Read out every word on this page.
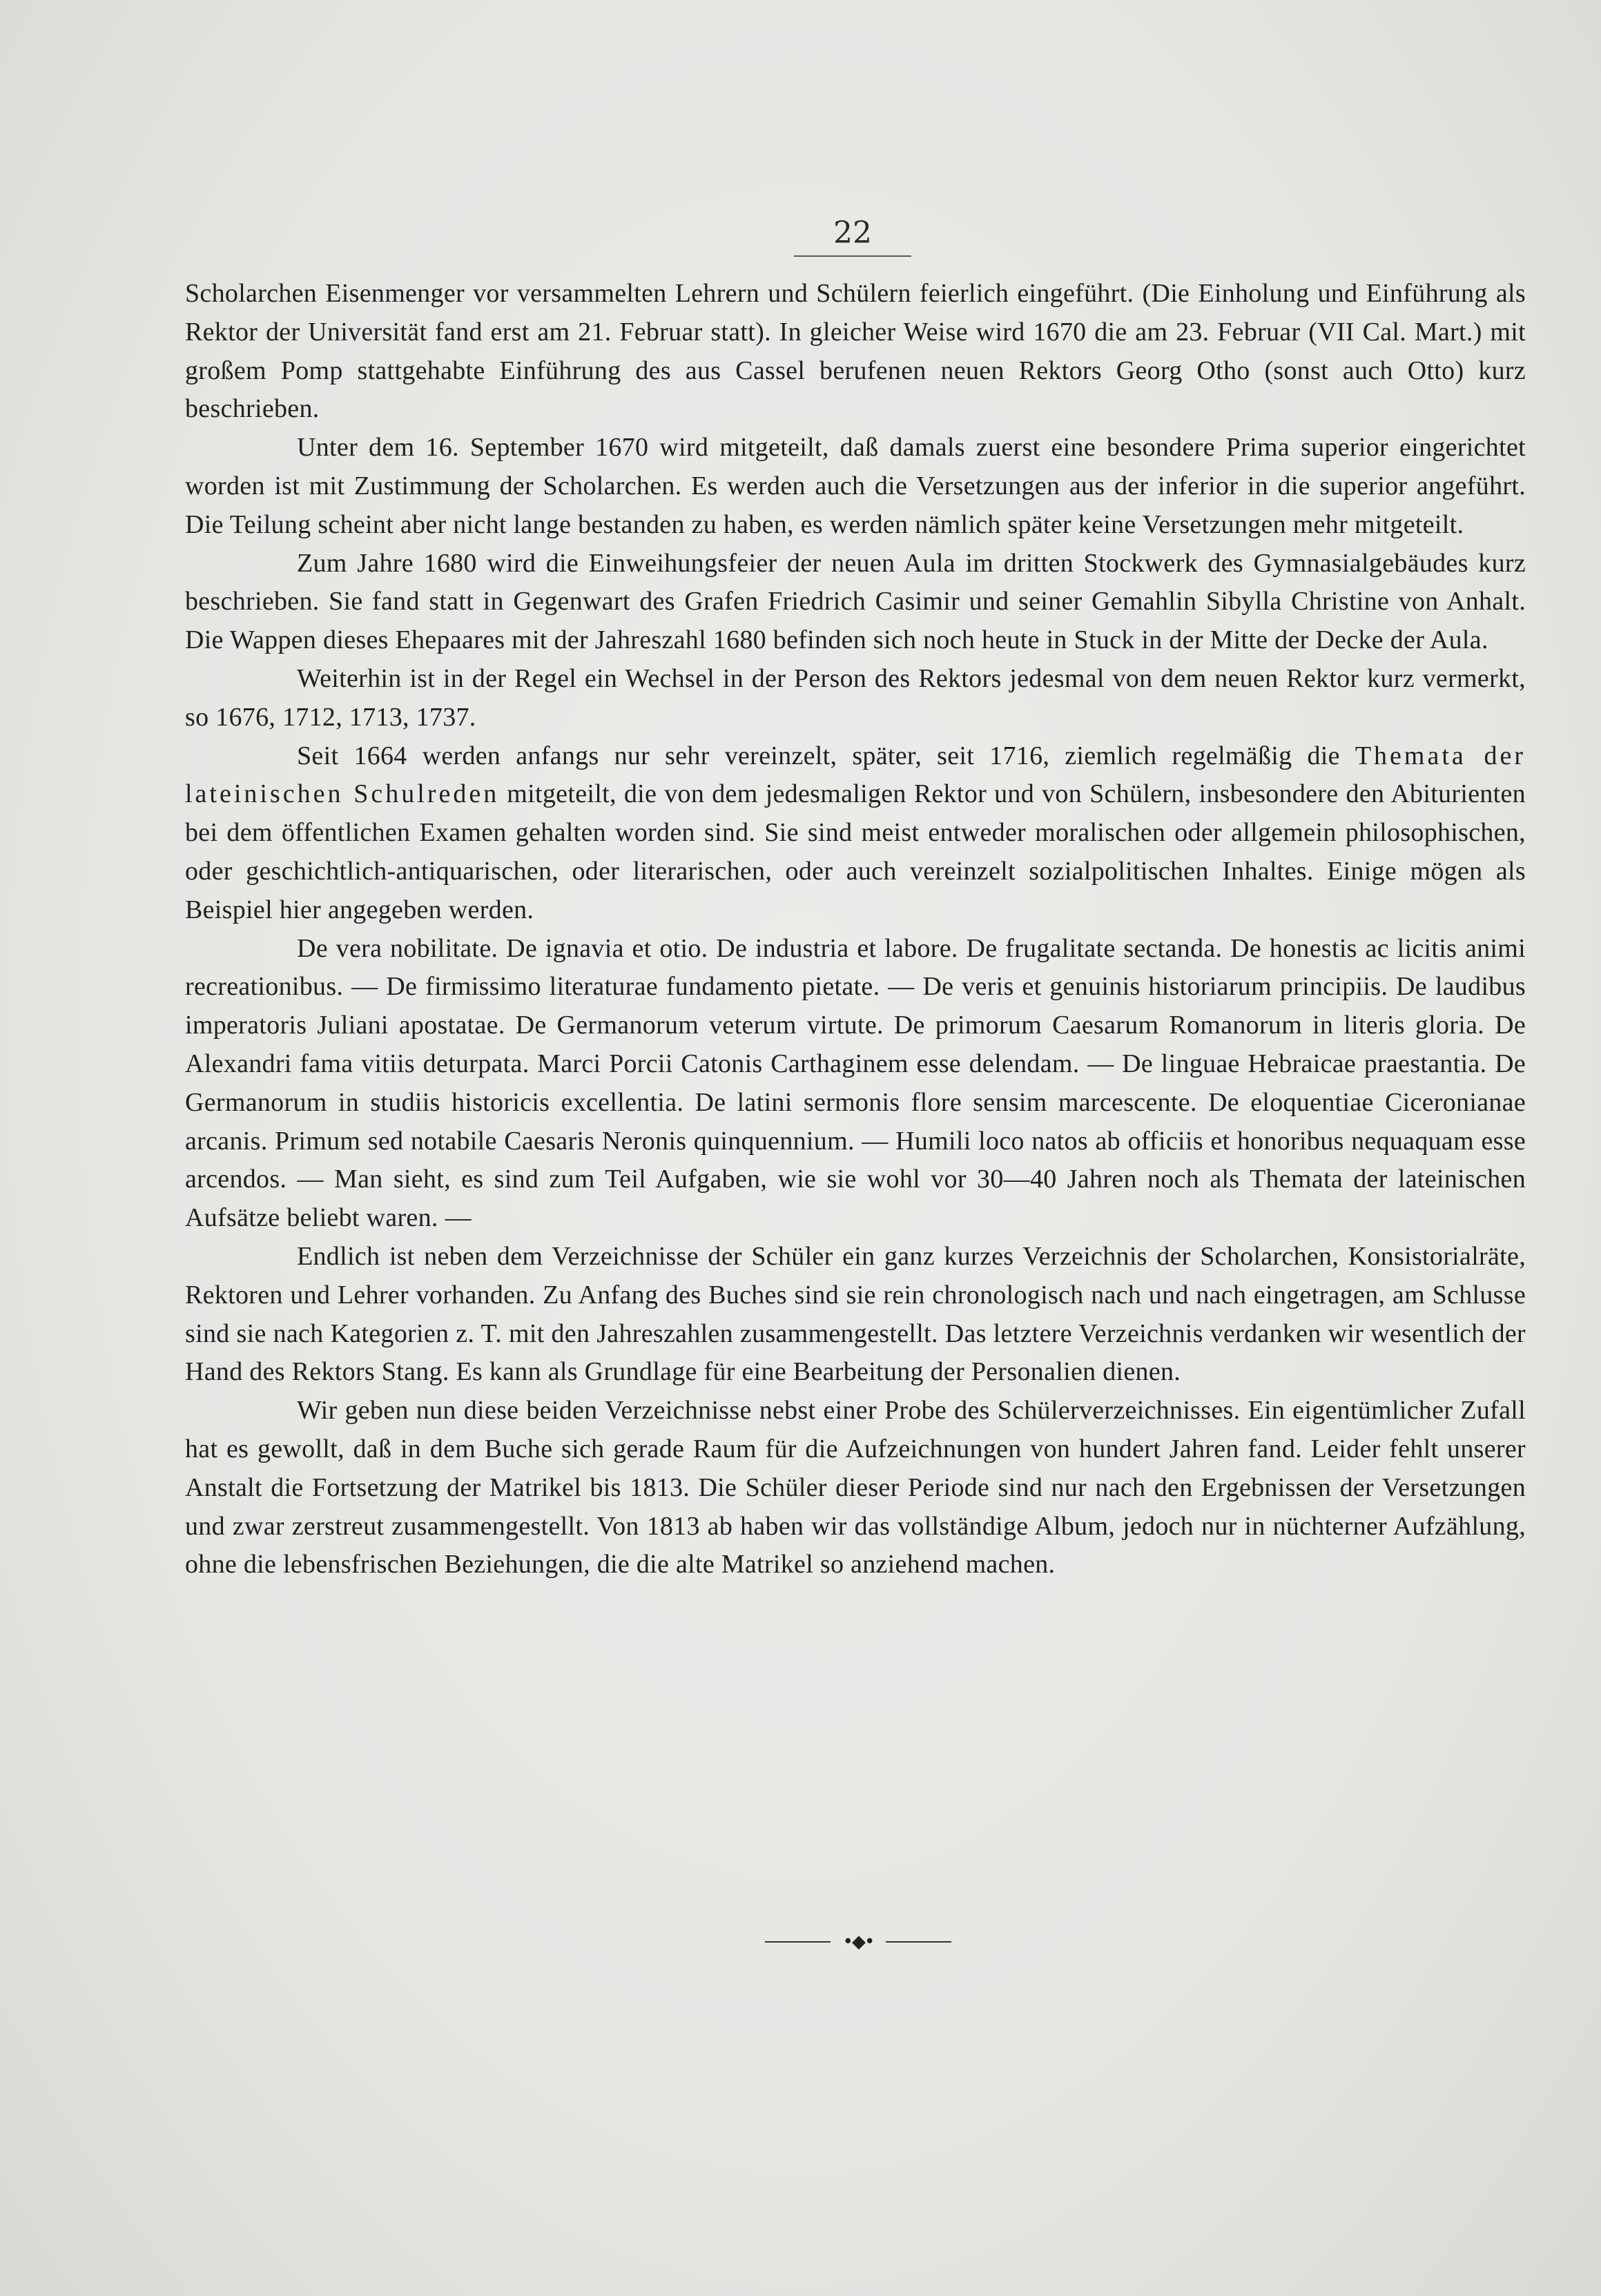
22

Scholarchen Eisenmenger vor versammelten Lehrern und Schülern feierlich eingeführt. (Die Einholung und Einführung als Rektor der Universität fand erst am 21. Februar statt). In gleicher Weise wird 1670 die am 23. Februar (VII Cal. Mart.) mit großem Pomp stattgehabte Einführung des aus Cassel berufenen neuen Rektors Georg Otho (sonst auch Otto) kurz beschrieben.

Unter dem 16. September 1670 wird mitgeteilt, daß damals zuerst eine besondere Prima superior eingerichtet worden ist mit Zustimmung der Scholarchen. Es werden auch die Versetzungen aus der inferior in die superior angeführt. Die Teilung scheint aber nicht lange bestanden zu haben, es werden nämlich später keine Versetzungen mehr mitgeteilt.

Zum Jahre 1680 wird die Einweihungsfeier der neuen Aula im dritten Stockwerk des Gymnasialgebäudes kurz beschrieben. Sie fand statt in Gegenwart des Grafen Friedrich Casimir und seiner Gemahlin Sibylla Christine von Anhalt. Die Wappen dieses Ehepaares mit der Jahreszahl 1680 befinden sich noch heute in Stuck in der Mitte der Decke der Aula.

Weiterhin ist in der Regel ein Wechsel in der Person des Rektors jedesmal von dem neuen Rektor kurz vermerkt, so 1676, 1712, 1713, 1737.

Seit 1664 werden anfangs nur sehr vereinzelt, später, seit 1716, ziemlich regelmäßig die Themata der lateinischen Schulreden mitgeteilt, die von dem jedesmaligen Rektor und von Schülern, insbesondere den Abiturienten bei dem öffentlichen Examen gehalten worden sind. Sie sind meist entweder moralischen oder allgemein philosophischen, oder geschichtlich-antiquarischen, oder literarischen, oder auch vereinzelt sozialpolitischen Inhaltes. Einige mögen als Beispiel hier angegeben werden.

De vera nobilitate. De ignavia et otio. De industria et labore. De frugalitate sectanda. De honestis ac licitis animi recreationibus. — De firmissimo literaturae fundamento pietate. — De veris et genuinis historiarum principiis. De laudibus imperatoris Juliani apostatae. De Germanorum veterum virtute. De primorum Caesarum Romanorum in literis gloria. De Alexandri fama vitiis deturpata. Marci Porcii Catonis Carthaginem esse delendam. — De linguae Hebraicae praestantia. De Germanorum in studiis historicis excellentia. De latini sermonis flore sensim marcescente. De eloquentiae Ciceronianae arcanis. Primum sed notabile Caesaris Neronis quinquennium. — Humili loco natos ab officiis et honoribus nequaquam esse arcendos. — Man sieht, es sind zum Teil Aufgaben, wie sie wohl vor 30—40 Jahren noch als Themata der lateinischen Aufsätze beliebt waren. —

Endlich ist neben dem Verzeichnisse der Schüler ein ganz kurzes Verzeichnis der Scholarchen, Konsistorialräte, Rektoren und Lehrer vorhanden. Zu Anfang des Buches sind sie rein chronologisch nach und nach eingetragen, am Schlusse sind sie nach Kategorien z. T. mit den Jahreszahlen zusammengestellt. Das letztere Verzeichnis verdanken wir wesentlich der Hand des Rektors Stang. Es kann als Grundlage für eine Bearbeitung der Personalien dienen.

Wir geben nun diese beiden Verzeichnisse nebst einer Probe des Schülerverzeichnisses. Ein eigentümlicher Zufall hat es gewollt, daß in dem Buche sich gerade Raum für die Aufzeichnungen von hundert Jahren fand. Leider fehlt unserer Anstalt die Fortsetzung der Matrikel bis 1813. Die Schüler dieser Periode sind nur nach den Ergebnissen der Versetzungen und zwar zerstreut zusammengestellt. Von 1813 ab haben wir das vollständige Album, jedoch nur in nüchterner Aufzählung, ohne die lebensfrischen Beziehungen, die die alte Matrikel so anziehend machen.

•◆•
